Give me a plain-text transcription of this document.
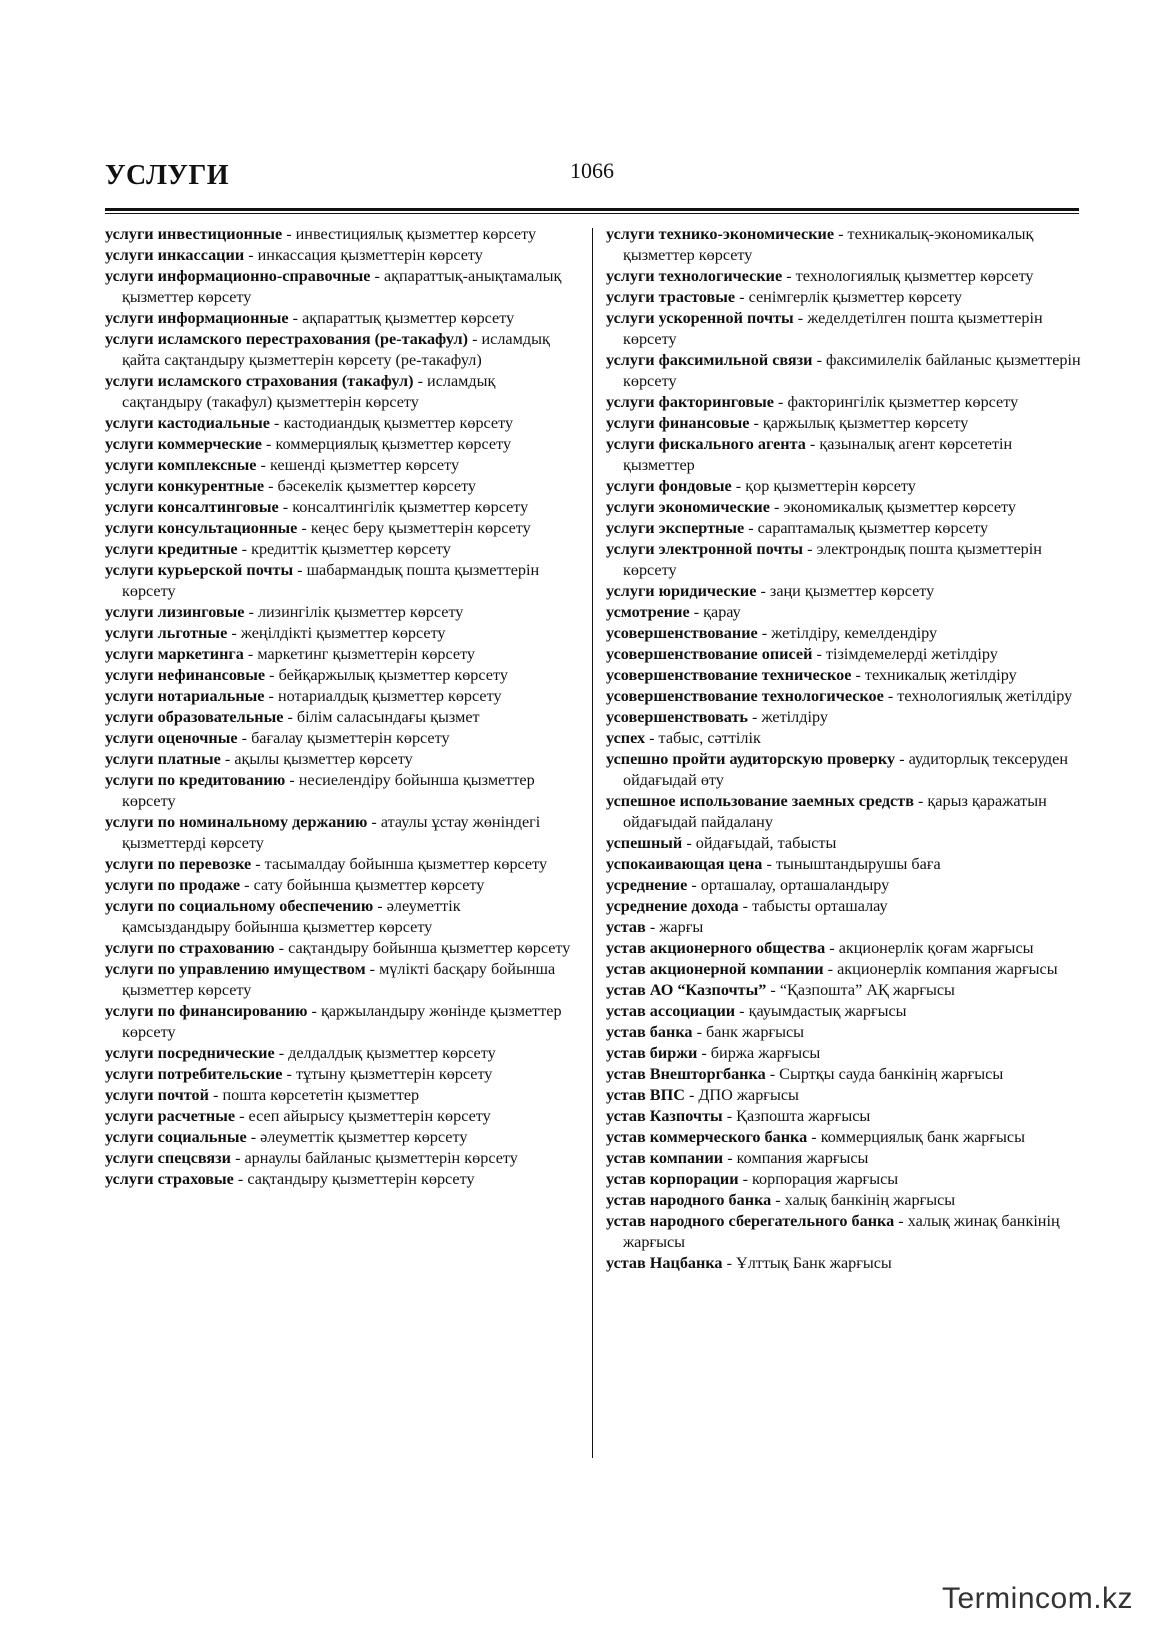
УСЛУГИ	1066
услуги инвестиционные - инвестициялық қызметтер көрсету
услуги инкассации - инкассация қызметтерін көрсету
услуги информационно-справочные - ақпараттық-анықтамалық қызметтер көрсету
услуги информационные - ақпараттық қызметтер көрсету
услуги исламского перестрахования (ре-такафул) - исламдық қайта сақтандыру қызметтерін көрсету (ре-такафул)
услуги исламского страхования (такафул) - исламдық сақтандыру (такафул) қызметтерін көрсету
услуги кастодиальные - кастодиандық қызметтер көрсету
услуги коммерческие - коммерциялық қызметтер көрсету
услуги комплексные - кешенді қызметтер көрсету
услуги конкурентные - бәсекелік қызметтер көрсету
услуги консалтинговые - консалтингілік қызметтер көрсету
услуги консультационные - кеңес беру қызметтерін көрсету
услуги кредитные - кредиттік қызметтер көрсету
услуги курьерской почты - шабармандық пошта қызметтерін көрсету
услуги лизинговые - лизингілік қызметтер көрсету
услуги льготные - жеңілдікті қызметтер көрсету
услуги маркетинга - маркетинг қызметтерін көрсету
услуги нефинансовые - бейқаржылық қызметтер көрсету
услуги нотариальные - нотариалдық қызметтер көрсету
услуги образовательные - білім саласындағы қызмет
услуги оценочные - бағалау қызметтерін көрсету
услуги платные - ақылы қызметтер көрсету
услуги по кредитованию - несиелендіру бойынша қызметтер көрсету
услуги по номинальному держанию - атаулы ұстау жөніндегі қызметтерді көрсету
услуги по перевозке - тасымалдау бойынша қызметтер көрсету
услуги по продаже - сату бойынша қызметтер көрсету
услуги по социальному обеспечению - әлеуметтік қамсыздандыру бойынша қызметтер көрсету
услуги по страхованию - сақтандыру бойынша қызметтер көрсету
услуги по управлению имуществом - мүлікті басқару бойынша қызметтер көрсету
услуги по финансированию - қаржыландыру жөнінде қызметтер көрсету
услуги посреднические - делдалдық қызметтер көрсету
услуги потребительские - тұтыну қызметтерін көрсету
услуги почтой - пошта көрсететін қызметтер
услуги расчетные - есеп айырысу қызметтерін көрсету
услуги социальные - әлеуметтік қызметтер көрсету
услуги спецсвязи - арнаулы байланыс қызметтерін көрсету
услуги страховые - сақтандыру қызметтерін көрсету
услуги технико-экономические - техникалық-экономикалық қызметтер көрсету
услуги технологические - технологиялық қызметтер көрсету
услуги трастовые - сенімгерлік қызметтер көрсету
услуги ускоренной почты - жеделдетілген пошта қызметтерін көрсету
услуги факсимильной связи - факсимилелік байланыс қызметтерін көрсету
услуги факторинговые - факторингілік қызметтер көрсету
услуги финансовые - қаржылық қызметтер көрсету
услуги фискального агента - қазыналық агент көрсететін қызметтер
услуги фондовые - қор қызметтерін көрсету
услуги экономические - экономикалық қызметтер көрсету
услуги экспертные - сараптамалық қызметтер көрсету
услуги электронной почты - электрондық пошта қызметтерін көрсету
услуги юридические - заңи қызметтер көрсету
усмотрение - қарау
усовершенствование - жетілдіру, кемелдендіру
усовершенствование описей - тізімдемелерді жетілдіру
усовершенствование техническое - техникалық жетілдіру
усовершенствование технологическое - технологиялық жетілдіру
усовершенствовать - жетілдіру
успех - табыс, сәттілік
успешно пройти аудиторскую проверку - аудиторлық тексеруден ойдағыдай өту
успешное использование заемных средств - қарыз қаражатын ойдағыдай пайдалану
успешный - ойдағыдай, табысты
успокаивающая цена - тыныштандырушы баға
усреднение - орташалау, орташаландыру
усреднение дохода - табысты орташалау
устав - жарғы
устав акционерного общества - акционерлік қоғам жарғысы
устав акционерной компании - акционерлік компания жарғысы
устав АО “Казпочты” - “Қазпошта” АҚ жарғысы
устав ассоциации - қауымдастық жарғысы
устав банка - банк жарғысы
устав биржи - биржа жарғысы
устав Внешторгбанка - Сыртқы сауда банкінің жарғысы
устав ВПС - ДПО жарғысы
устав Казпочты - Қазпошта жарғысы
устав коммерческого банка - коммерциялық банк жарғысы
устав компании - компания жарғысы
устав корпорации - корпорация жарғысы
устав народного банка - халық банкінің жарғысы
устав народного сберегательного банка - халық жинақ банкінің жарғысы
устав Нацбанка - Ұлттық Банк жарғысы
Termincom.kz
